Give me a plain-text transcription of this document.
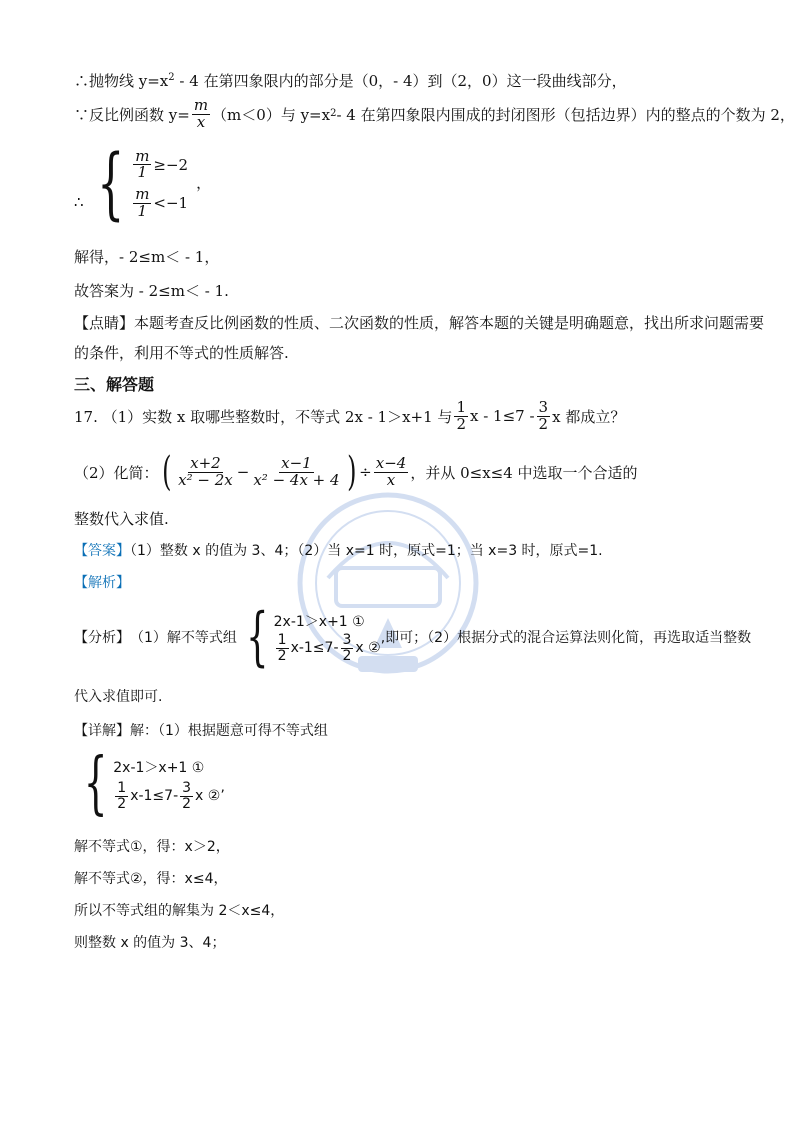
∴抛物线 $y=x^2 - 4$ 在第四象限内的部分是（0，- 4）到（2，0）这一段曲线部分，
∵反比例函数 $y= \frac{m}{x} (m<0)$与 y=x 2 - 4 在第四象限内围成的封闭图形（包括边界）内的整点的个数为 2，
∴ { $\frac{m}{1} \ge-2$
$\frac{m}{1} <-1$
，
解得，- 2≤m＜ - 1，
故答案为 - 2≤m＜ - 1.
【点睛】本题考查反比例函数的性质、二次函数的性质，解答本题的关键是明确题意，找出所求问题需要
的条件，利用不等式的性质解答.
三、解答题
17. （1）实数 x 取哪些整数时，不等式 2x - 1＞x+1 与 $\frac{1}{2}$ $x - 1\le 7 - \frac{3}{2}$ x 都成立？
（2）化简： ( $\frac{x+2}{\text{x² − 2x}} - \frac{x-1}{\text{x² − 4x + 4}}$ ) ÷ $\frac{x-4}{x}$ ，并从 0≤x≤4 中选取一个合适的
整数代入求值.
【答案】（1）整数 x 的值为 3、4；（2）当 x=1 时，原式=1；当 x=3 时，原式=1.
【解析】
【分析】 （1）解不等式组 { 2x-1＞x+1 ①
$\frac{1}{2} x-1\le 7- \frac{3}{2}$ x ②
,即可；（2）根据分式的混合运算法则化简，再选取适当整数
代入求值即可.
【详解】解：（1）根据题意可得不等式组
{ 2x-1＞x+1 ①
$\frac{1}{2} x-1\le 7- \frac{3}{2}$ x ②’
解不等式①，得：x＞2，
解不等式②，得：x≤4，
所以不等式组的解集为 2＜x≤4，
则整数 x 的值为 3、4；
